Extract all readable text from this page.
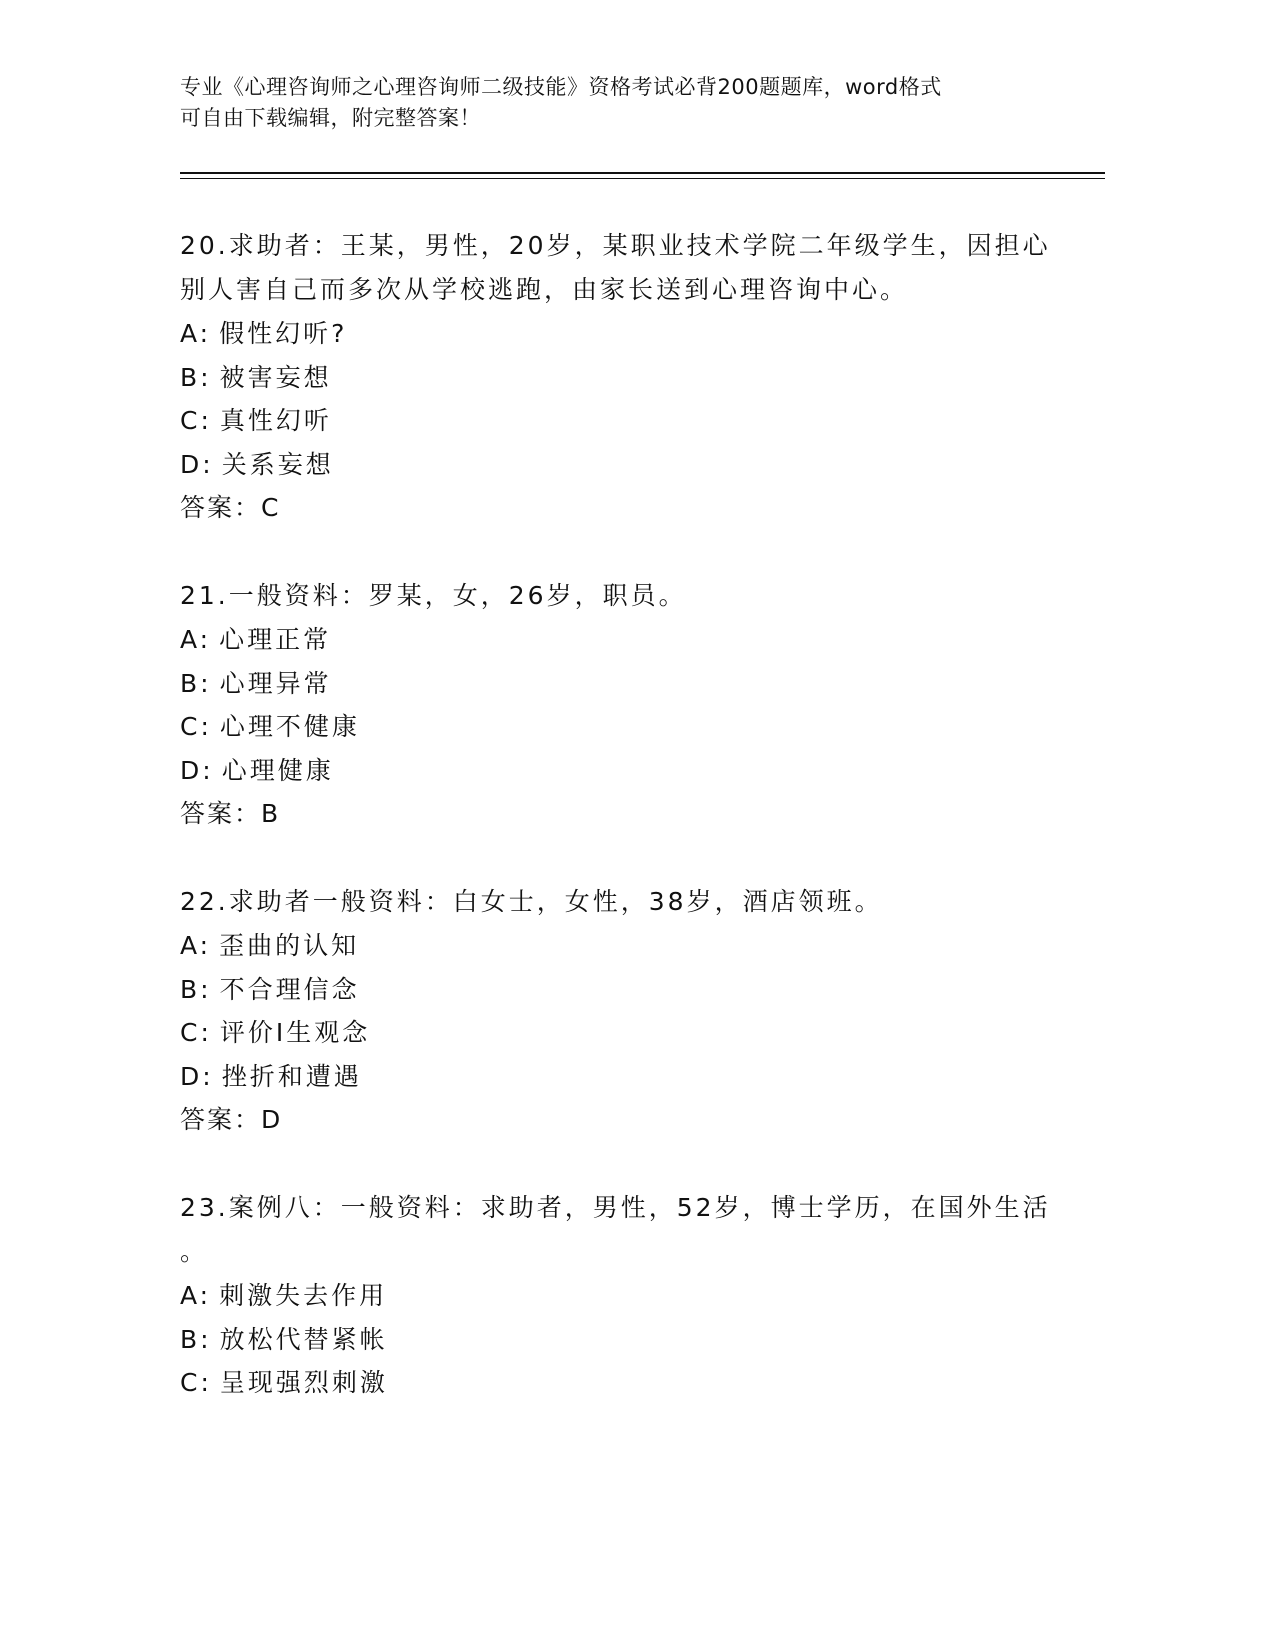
专业《心理咨询师之心理咨询师二级技能》资格考试必背200题题库，word格式
可自由下载编辑，附完整答案！

20.求助者：王某，男性，20岁，某职业技术学院二年级学生，因担心

别人害自己而多次从学校逃跑，由家长送到心理咨询中心。

A: 假性幻听?

B: 被害妄想

C: 真性幻听

D: 关系妄想

答案：C

21.一般资料：罗某，女，26岁，职员。

A: 心理正常

B: 心理异常

C: 心理不健康

D: 心理健康

答案：B

22.求助者一般资料：白女士，女性，38岁，酒店领班。

A: 歪曲的认知

B: 不合理信念

C: 评价I生观念

D: 挫折和遭遇

答案：D

23.案例八：一般资料：求助者，男性，52岁，博士学历，在国外生活

。

A: 刺激失去作用

B: 放松代替紧帐

C: 呈现强烈刺激
